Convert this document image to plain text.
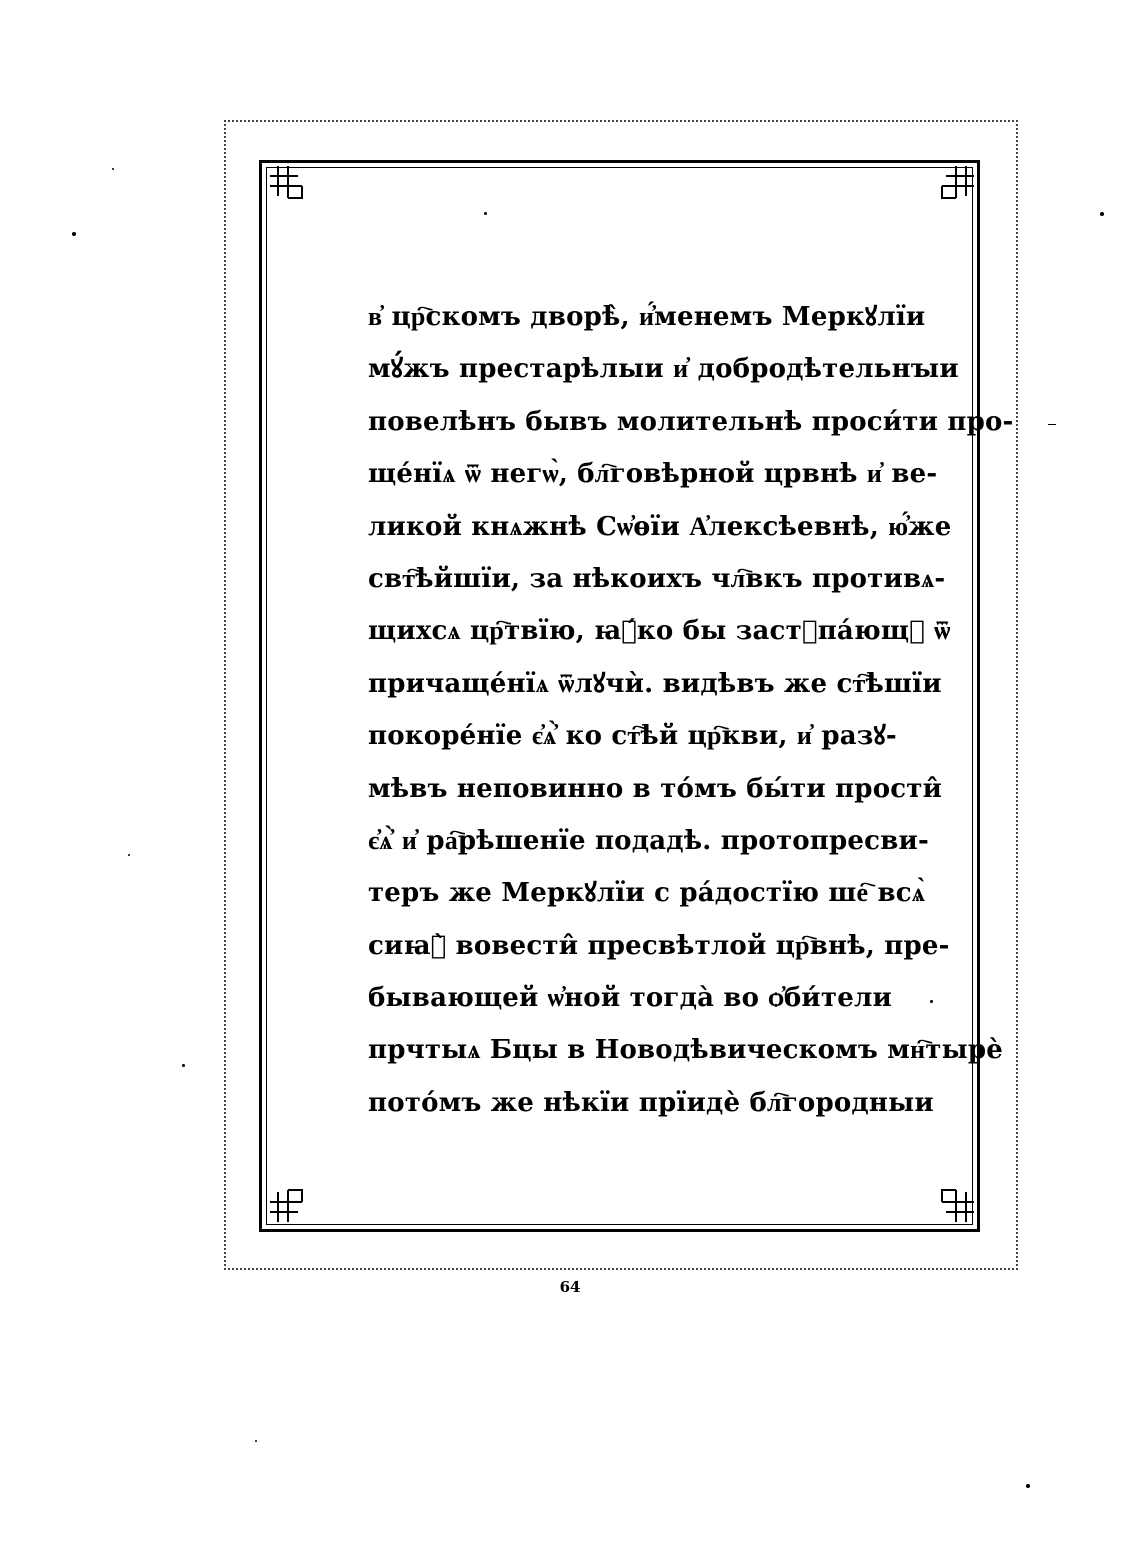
в҆ цр҇скомъ дворѣ̀, и҆́менемъ Меркꙋлїи
мꙋ́жъ престарѣлыи и҆ добродѣтельнꙑи
повелѣнъ бывъ молительнѣ проси́ти про-
ще́нїѧ ѿ негѡ̀, бл҇говѣрной црвнѣ и҆ ве-
ликой кнѧжнѣ Сѡ҆ѳїи А҆лексѣевнѣ, ю҆́же
свт҇ѣйшїи, за нѣкоихъ чл҇вкъ противѧ-
щихсѧ цр҇твїю, ꙗ҆́ко бы застꙋпа́ющꙋ ѿ
причаще́нїѧ ѿлꙋчѝ. видѣвъ же ст҇ѣшїи
покоре́нїе є҆ѧ҆̀ ко ст҇ѣй цр҇кви, и҆ разꙋ-
мѣвъ неповинно в то́мъ бы́ти прости̂
є҆ѧ҆̀ и҆ ра҇рѣшенїе подадѣ. протопресви-
теръ же Меркꙋлїи с ра́достїю ше҇ всѧ̀
сиꙗ҆̀ вовести̂ пресвѣтлой цр҇внѣ, пре-
бывающей ѡ҆ной тогда̀ во ѻ҆би́тели
прчтыѧ Бцы в Новодѣвическомъ мн҇тырѐ
пото́мъ же нѣкїи прїидѐ бл҇городныи
64
